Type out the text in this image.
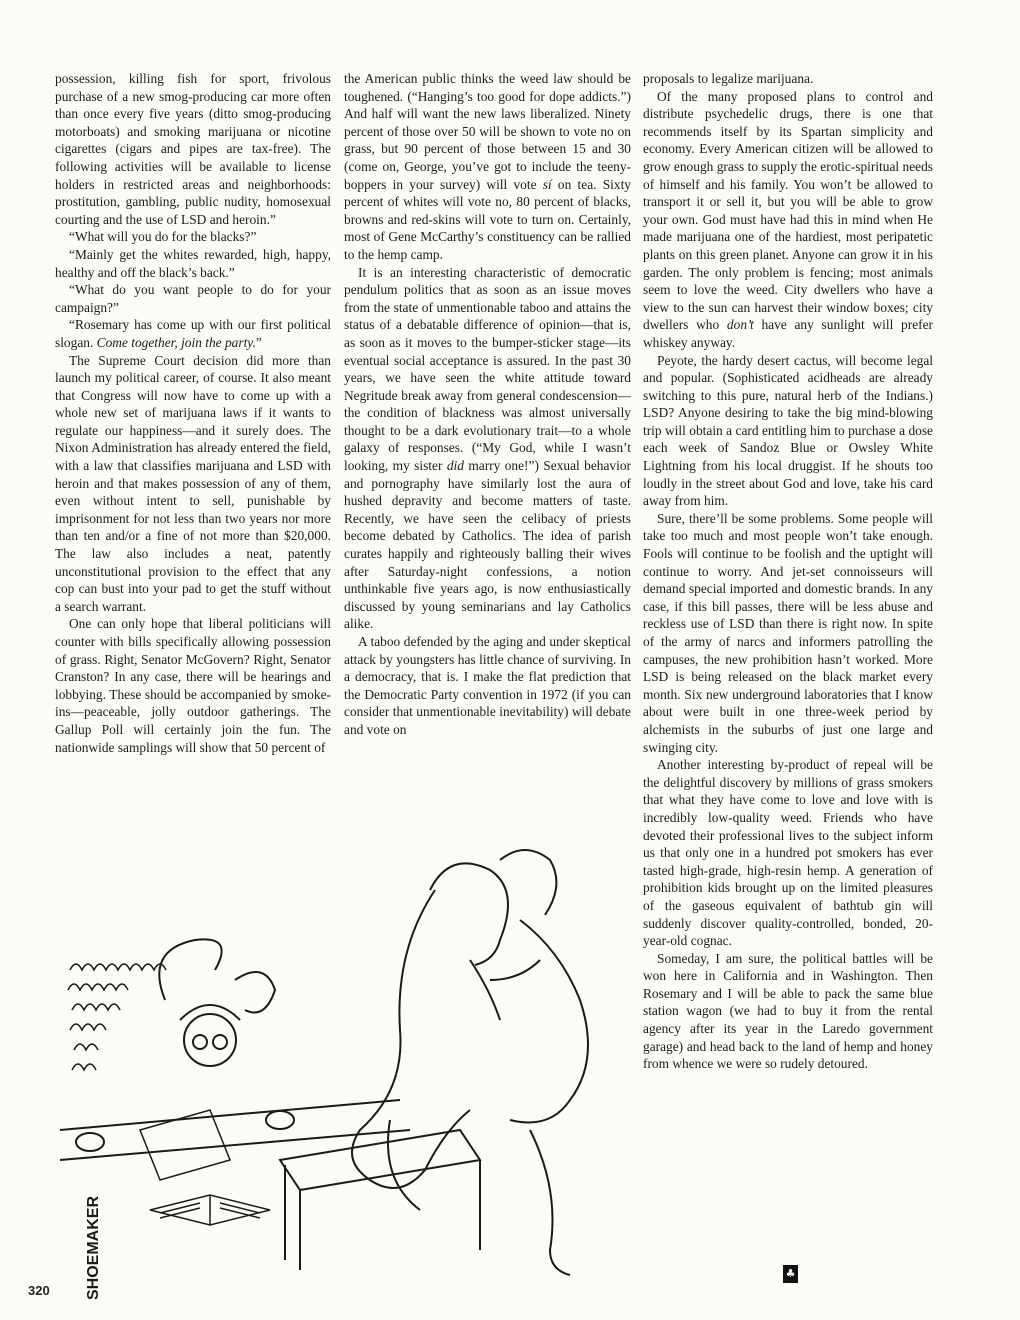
possession, killing fish for sport, frivolous purchase of a new smog-producing car more often than once every five years (ditto smog-producing motorboats) and smoking marijuana or nicotine cigarettes (cigars and pipes are tax-free). The following activities will be available to license holders in restricted areas and neighborhoods: prostitution, gambling, public nudity, homosexual courting and the use of LSD and heroin.”

“What will you do for the blacks?”

“Mainly get the whites rewarded, high, happy, healthy and off the black’s back.”

“What do you want people to do for your campaign?”

“Rosemary has come up with our first political slogan. Come together, join the party.”

The Supreme Court decision did more than launch my political career, of course. It also meant that Congress will now have to come up with a whole new set of marijuana laws if it wants to regulate our happiness—and it surely does. The Nixon Administration has already entered the field, with a law that classifies marijuana and LSD with heroin and that makes possession of any of them, even without intent to sell, punishable by imprisonment for not less than two years nor more than ten and/or a fine of not more than $20,000. The law also includes a neat, patently unconstitutional provision to the effect that any cop can bust into your pad to get the stuff without a search warrant.

One can only hope that liberal politicians will counter with bills specifically allowing possession of grass. Right, Senator McGovern? Right, Senator Cranston? In any case, there will be hearings and lobbying. These should be accompanied by smoke-ins—peaceable, jolly outdoor gatherings. The Gallup Poll will certainly join the fun. The nationwide samplings will show that 50 percent of

the American public thinks the weed law should be toughened. (“Hanging’s too good for dope addicts.”) And half will want the new laws liberalized. Ninety percent of those over 50 will be shown to vote no on grass, but 90 percent of those between 15 and 30 (come on, George, you’ve got to include the teeny-boppers in your survey) will vote sí on tea. Sixty percent of whites will vote no, 80 percent of blacks, browns and red-skins will vote to turn on. Certainly, most of Gene McCarthy’s constituency can be rallied to the hemp camp.

It is an interesting characteristic of democratic pendulum politics that as soon as an issue moves from the state of unmentionable taboo and attains the status of a debatable difference of opinion—that is, as soon as it moves to the bumper-sticker stage—its eventual social acceptance is assured. In the past 30 years, we have seen the white attitude toward Negritude break away from general condescension—the condition of blackness was almost universally thought to be a dark evolutionary trait—to a whole galaxy of responses. (“My God, while I wasn’t looking, my sister did marry one!”) Sexual behavior and pornography have similarly lost the aura of hushed depravity and become matters of taste. Recently, we have seen the celibacy of priests become debated by Catholics. The idea of parish curates happily and righteously balling their wives after Saturday-night confessions, a notion unthinkable five years ago, is now enthusiastically discussed by young seminarians and lay Catholics alike.

A taboo defended by the aging and under skeptical attack by youngsters has little chance of surviving. In a democracy, that is. I make the flat prediction that the Democratic Party convention in 1972 (if you can consider that unmentionable inevitability) will debate and vote on

proposals to legalize marijuana.

Of the many proposed plans to control and distribute psychedelic drugs, there is one that recommends itself by its Spartan simplicity and economy. Every American citizen will be allowed to grow enough grass to supply the erotic-spiritual needs of himself and his family. You won’t be allowed to transport it or sell it, but you will be able to grow your own. God must have had this in mind when He made marijuana one of the hardiest, most peripatetic plants on this green planet. Anyone can grow it in his garden. The only problem is fencing; most animals seem to love the weed. City dwellers who have a view to the sun can harvest their window boxes; city dwellers who don’t have any sunlight will prefer whiskey anyway.

Peyote, the hardy desert cactus, will become legal and popular. (Sophisticated acidheads are already switching to this pure, natural herb of the Indians.) LSD? Anyone desiring to take the big mind-blowing trip will obtain a card entitling him to purchase a dose each week of Sandoz Blue or Owsley White Lightning from his local druggist. If he shouts too loudly in the street about God and love, take his card away from him.

Sure, there’ll be some problems. Some people will take too much and most people won’t take enough. Fools will continue to be foolish and the uptight will continue to worry. And jet-set connoisseurs will demand special imported and domestic brands. In any case, if this bill passes, there will be less abuse and reckless use of LSD than there is right now. In spite of the army of narcs and informers patrolling the campuses, the new prohibition hasn’t worked. More LSD is being released on the black market every month. Six new underground laboratories that I know about were built in one three-week period by alchemists in the suburbs of just one large and swinging city.

Another interesting by-product of repeal will be the delightful discovery by millions of grass smokers that what they have come to love and love with is incredibly low-quality weed. Friends who have devoted their professional lives to the subject inform us that only one in a hundred pot smokers has ever tasted high-grade, high-resin hemp. A generation of prohibition kids brought up on the limited pleasures of the gaseous equivalent of bathtub gin will suddenly discover quality-controlled, bonded, 20-year-old cognac.

Someday, I am sure, the political battles will be won here in California and in Washington. Then Rosemary and I will be able to pack the same blue station wagon (we had to buy it from the rental agency after its year in the Laredo government garage) and head back to the land of hemp and honey from whence we were so rudely detoured.

SHOEMAKER
320
♣
